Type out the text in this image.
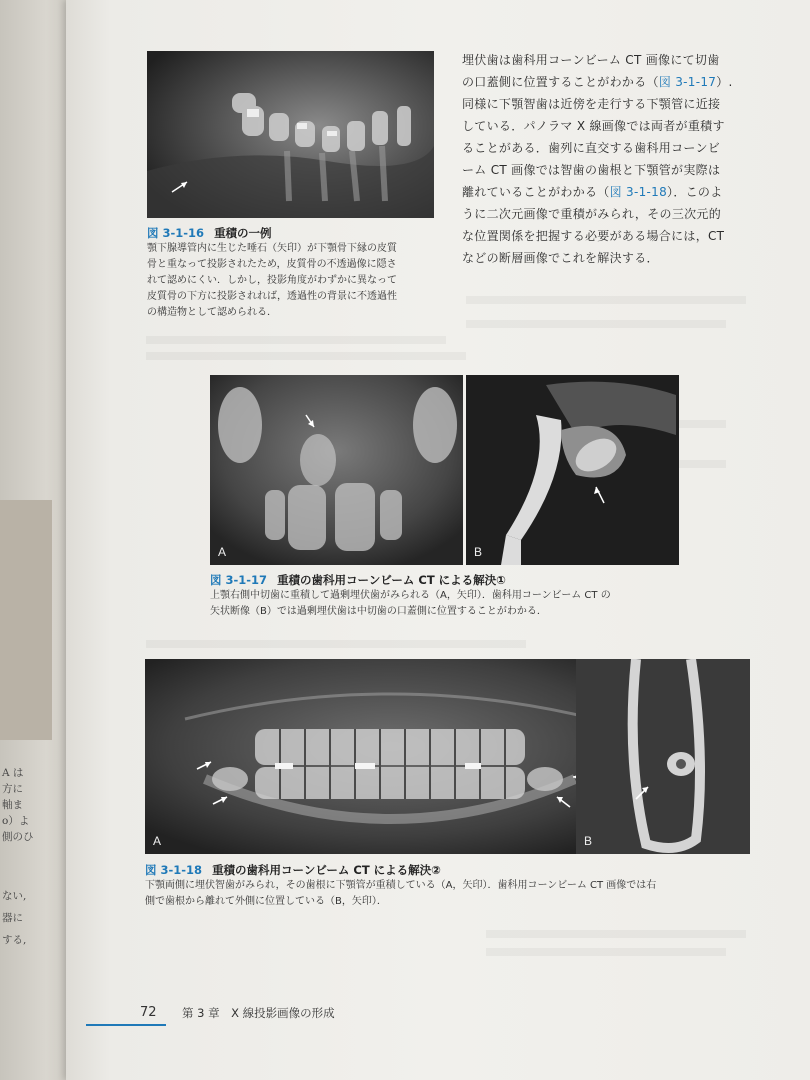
A は
方に
軸ま
o）よ
側のひ
ない,
器に
する,
図 3-1-16 重積の一例
顎下腺導管内に生じた唾石（矢印）が下顎骨下縁の皮質
骨と重なって投影されたため，皮質骨の不透過像に隠さ
れて認めにくい．しかし，投影角度がわずかに異なって
皮質骨の下方に投影されれば，透過性の背景に不透過性
の構造物として認められる．
埋伏歯は歯科用コーンビーム CT 画像にて切歯
の口蓋側に位置することがわかる（図 3-1-17）.
同様に下顎智歯は近傍を走行する下顎管に近接
している．パノラマ X 線画像では両者が重積す
ることがある．歯列に直交する歯科用コーンビ
ーム CT 画像では智歯の歯根と下顎管が実際は
離れていることがわかる（図 3-1-18）．このよ
うに二次元画像で重積がみられ，その三次元的
な位置関係を把握する必要がある場合には，CT
などの断層画像でこれを解決する．
A	B
図 3-1-17 重積の歯科用コーンビーム CT による解決①
上顎右側中切歯に重積して過剰埋伏歯がみられる（A，矢印）．歯科用コーンビーム CT の
矢状断像（B）では過剰埋伏歯は中切歯の口蓋側に位置することがわかる．
A	B
図 3-1-18 重積の歯科用コーンビーム CT による解決②
下顎両側に埋伏智歯がみられ，その歯根に下顎管が重積している（A，矢印）．歯科用コーンビーム CT 画像では右
側で歯根から離れて外側に位置している（B，矢印）．
72 第 3 章　X 線投影画像の形成
